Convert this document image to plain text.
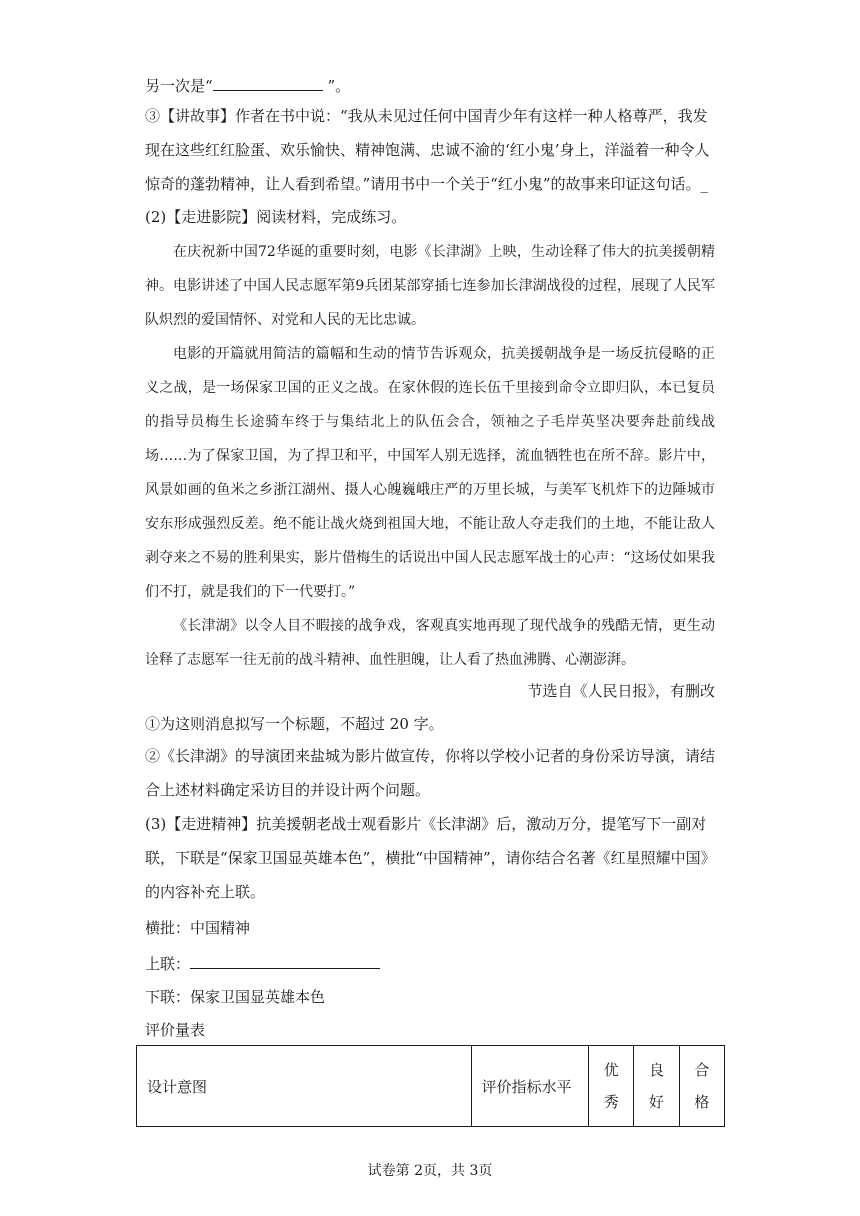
另一次是“	”。

③【讲故事】作者在书中说：“我从未见过任何中国青少年有这样一种人格尊严，我发

现在这些红红脸蛋、欢乐愉快、精神饱满、忠诚不渝的‘红小鬼’身上，洋溢着一种令人

惊奇的蓬勃精神，让人看到希望。”请用书中一个关于“红小鬼”的故事来印证这句话。_

(2)【走进影院】阅读材料，完成练习。

在庆祝新中国72华诞的重要时刻，电影《长津湖》上映，生动诠释了伟大的抗美援朝精神。电影讲述了中国人民志愿军第9兵团某部穿插七连参加长津湖战役的过程，展现了人民军队炽烈的爱国情怀、对党和人民的无比忠诚。

电影的开篇就用简洁的篇幅和生动的情节告诉观众，抗美援朝战争是一场反抗侵略的正义之战，是一场保家卫国的正义之战。在家休假的连长伍千里接到命令立即归队，本已复员的指导员梅生长途骑车终于与集结北上的队伍会合，领袖之子毛岸英坚决要奔赴前线战场……为了保家卫国，为了捍卫和平，中国军人别无选择，流血牺牲也在所不辞。影片中，风景如画的鱼米之乡浙江湖州、摄人心魄巍峨庄严的万里长城，与美军飞机炸下的边陲城市安东形成强烈反差。绝不能让战火烧到祖国大地，不能让敌人夺走我们的土地，不能让敌人剥夺来之不易的胜利果实，影片借梅生的话说出中国人民志愿军战士的心声：“这场仗如果我们不打，就是我们的下一代要打。”

《长津湖》以令人目不暇接的战争戏，客观真实地再现了现代战争的残酷无情，更生动诠释了志愿军一往无前的战斗精神、血性胆魄，让人看了热血沸腾、心潮澎湃。

节选自《人民日报》，有删改
①为这则消息拟写一个标题，不超过 20 字。

②《长津湖》的导演团来盐城为影片做宣传，你将以学校小记者的身份采访导演，请结合上述材料确定采访目的并设计两个问题。

(3)【走进精神】抗美援朝老战士观看影片《长津湖》后，激动万分，提笔写下一副对联，下联是“保家卫国显英雄本色”，横批“中国精神”，请你结合名著《红星照耀中国》的内容补充上联。

横批：中国精神
上联：
下联：保家卫国显英雄本色
评价量表
设计意图	评价指标水平	优秀	良好	合格
试卷第 2页，共 3页
